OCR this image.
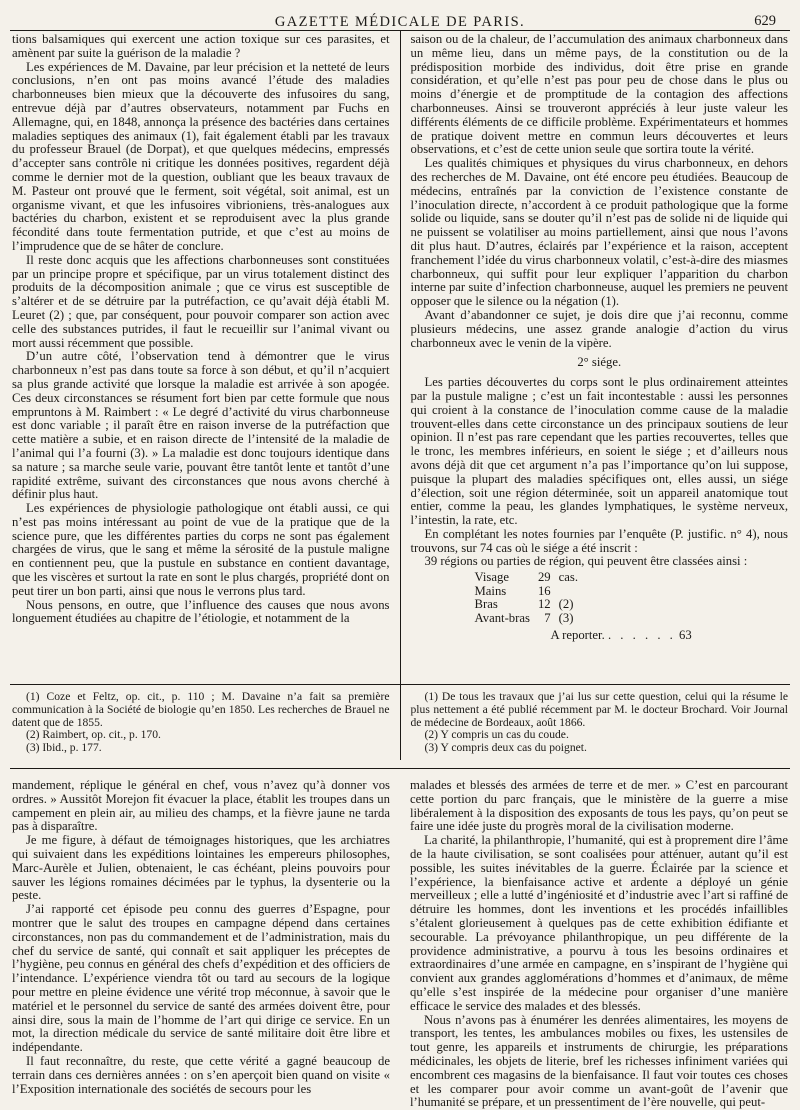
GAZETTE MÉDICALE DE PARIS.	629

tions balsamiques qui exercent une action toxique sur ces parasites, et amènent par suite la guérison de la maladie ?

Les expériences de M. Davaine, par leur précision et la netteté de leurs conclusions, n’en ont pas moins avancé l’étude des maladies charbonneuses bien mieux que la découverte des infusoires du sang, entrevue déjà par d’autres observateurs, notamment par Fuchs en Allemagne, qui, en 1848, annonça la présence des bactéries dans certaines maladies septiques des animaux (1), fait également établi par les travaux du professeur Brauel (de Dorpat), et que quelques médecins, empressés d’accepter sans contrôle ni critique les données positives, regardent déjà comme le dernier mot de la question, oubliant que les beaux travaux de M. Pasteur ont prouvé que le ferment, soit végétal, soit animal, est un organisme vivant, et que les infusoires vibrioniens, très-analogues aux bactéries du charbon, existent et se reproduisent avec la plus grande fécondité dans toute fermentation putride, et que c’est au moins de l’imprudence que de se hâter de conclure.

Il reste donc acquis que les affections charbonneuses sont constituées par un principe propre et spécifique, par un virus totalement distinct des produits de la décomposition animale ; que ce virus est susceptible de s’altérer et de se détruire par la putréfaction, ce qu’avait déjà établi M. Leuret (2) ; que, par conséquent, pour pouvoir comparer son action avec celle des substances putrides, il faut le recueillir sur l’animal vivant ou mort aussi récemment que possible.

D’un autre côté, l’observation tend à démontrer que le virus charbonneux n’est pas dans toute sa force à son début, et qu’il n’acquiert sa plus grande activité que lorsque la maladie est arrivée à son apogée. Ces deux circonstances se résument fort bien par cette formule que nous empruntons à M. Raimbert : « Le degré d’activité du virus charbonneuse est donc variable ; il paraît être en raison inverse de la putréfaction que cette matière a subie, et en raison directe de l’intensité de la maladie de l’animal qui l’a fourni (3). » La maladie est donc toujours identique dans sa nature ; sa marche seule varie, pouvant être tantôt lente et tantôt d’une rapidité extrême, suivant des circonstances que nous avons cherché à définir plus haut.

Les expériences de physiologie pathologique ont établi aussi, ce qui n’est pas moins intéressant au point de vue de la pratique que de la science pure, que les différentes parties du corps ne sont pas également chargées de virus, que le sang et même la sérosité de la pustule maligne en contiennent peu, que la pustule en substance en contient davantage, que les viscères et surtout la rate en sont le plus chargés, propriété dont on peut tirer un bon parti, ainsi que nous le verrons plus tard.

Nous pensons, en outre, que l’influence des causes que nous avons longuement étudiées au chapitre de l’étiologie, et notamment de la

saison ou de la chaleur, de l’accumulation des animaux charbonneux dans un même lieu, dans un même pays, de la constitution ou de la prédisposition morbide des individus, doit être prise en grande considération, et qu’elle n’est pas pour peu de chose dans le plus ou moins d’énergie et de promptitude de la contagion des affections charbonneuses. Ainsi se trouveront appréciés à leur juste valeur les différents éléments de ce difficile problème. Expérimentateurs et hommes de pratique doivent mettre en commun leurs découvertes et leurs observations, et c’est de cette union seule que sortira toute la vérité.

Les qualités chimiques et physiques du virus charbonneux, en dehors des recherches de M. Davaine, ont été encore peu étudiées. Beaucoup de médecins, entraînés par la conviction de l’existence constante de l’inoculation directe, n’accordent à ce produit pathologique que la forme solide ou liquide, sans se douter qu’il n’est pas de solide ni de liquide qui ne puissent se volatiliser au moins partiellement, ainsi que nous l’avons dit plus haut. D’autres, éclairés par l’expérience et la raison, acceptent franchement l’idée du virus charbonneux volatil, c’est-à-dire des miasmes charbonneux, qui suffit pour leur expliquer l’apparition du charbon interne par suite d’infection charbonneuse, auquel les premiers ne peuvent opposer que le silence ou la négation (1).

Avant d’abandonner ce sujet, je dois dire que j’ai reconnu, comme plusieurs médecins, une assez grande analogie d’action du virus charbonneux avec le venin de la vipère.

2° siége.

Les parties découvertes du corps sont le plus ordinairement atteintes par la pustule maligne ; c’est un fait incontestable : aussi les personnes qui croient à la constance de l’inoculation comme cause de la maladie trouvent-elles dans cette circonstance un des principaux soutiens de leur opinion. Il n’est pas rare cependant que les parties recouvertes, telles que le tronc, les membres inférieurs, en soient le siége ; et d’ailleurs nous avons déjà dit que cet argument n’a pas l’importance qu’on lui suppose, puisque la plupart des maladies spécifiques ont, elles aussi, un siége d’élection, soit une région déterminée, soit un appareil anatomique tout entier, comme la peau, les glandes lymphatiques, le système nerveux, l’intestin, la rate, etc.

En complétant les notes fournies par l’enquête (P. justific. n° 4), nous trouvons, sur 74 cas où le siége a été inscrit :

39 régions ou parties de région, qui peuvent être classées ainsi :

Visage	29	cas.
Mains	16	
Bras	12	(2)
Avant-bras	7	(3)
A reporter. . . . . . . 63

(1) Coze et Feltz, op. cit., p. 110 ; M. Davaine n’a fait sa première communication à la Société de biologie qu’en 1850. Les recherches de Brauel ne datent que de 1855.

(2) Raimbert, op. cit., p. 170.

(3) Ibid., p. 177.

(1) De tous les travaux que j’ai lus sur cette question, celui qui la résume le plus nettement a été publié récemment par M. le docteur Brochard. Voir Journal de médecine de Bordeaux, août 1866.

(2) Y compris un cas du coude.

(3) Y compris deux cas du poignet.

mandement, réplique le général en chef, vous n’avez qu’à donner vos ordres. » Aussitôt Morejon fit évacuer la place, établit les troupes dans un campement en plein air, au milieu des champs, et la fièvre jaune ne tarda pas à disparaître.

Je me figure, à défaut de témoignages historiques, que les archiatres qui suivaient dans les expéditions lointaines les empereurs philosophes, Marc-Aurèle et Julien, obtenaient, le cas échéant, pleins pouvoirs pour sauver les légions romaines décimées par le typhus, la dysenterie ou la peste.

J’ai rapporté cet épisode peu connu des guerres d’Espagne, pour montrer que le salut des troupes en campagne dépend dans certaines circonstances, non pas du commandement et de l’administration, mais du chef du service de santé, qui connaît et sait appliquer les préceptes de l’hygiène, peu connus en général des chefs d’expédition et des officiers de l’intendance. L’expérience viendra tôt ou tard au secours de la logique pour mettre en pleine évidence une vérité trop méconnue, à savoir que le matériel et le personnel du service de santé des armées doivent être, pour ainsi dire, sous la main de l’homme de l’art qui dirige ce service. En un mot, la direction médicale du service de santé militaire doit être libre et indépendante.

Il faut reconnaître, du reste, que cette vérité a gagné beaucoup de terrain dans ces dernières années : on s’en aperçoit bien quand on visite « l’Exposition internationale des sociétés de secours pour les

malades et blessés des armées de terre et de mer. » C’est en parcourant cette portion du parc français, que le ministère de la guerre a mise libéralement à la disposition des exposants de tous les pays, qu’on peut se faire une idée juste du progrès moral de la civilisation moderne.

La charité, la philanthropie, l’humanité, qui est à proprement dire l’âme de la haute civilisation, se sont coalisées pour atténuer, autant qu’il est possible, les suites inévitables de la guerre. Éclairée par la science et l’expérience, la bienfaisance active et ardente a déployé un génie merveilleux ; elle a lutté d’ingéniosité et d’industrie avec l’art si raffiné de détruire les hommes, dont les inventions et les procédés infaillibles s’étalent glorieusement à quelques pas de cette exhibition édifiante et secourable. La prévoyance philanthropique, un peu différente de la providence administrative, a pourvu à tous les besoins ordinaires et extraordinaires d’une armée en campagne, en s’inspirant de l’hygiène qui convient aux grandes agglomérations d’hommes et d’animaux, de même qu’elle s’est inspirée de la médecine pour organiser d’une manière efficace le service des malades et des blessés.

Nous n’avons pas à énumérer les denrées alimentaires, les moyens de transport, les tentes, les ambulances mobiles ou fixes, les ustensiles de tout genre, les appareils et instruments de chirurgie, les préparations médicinales, les objets de literie, bref les richesses infiniment variées qui encombrent ces magasins de la bienfaisance. Il faut voir toutes ces choses et les comparer pour avoir comme un avant-goût de l’avenir que l’humanité se prépare, et un pressentiment de l’ère nouvelle, qui peut-
